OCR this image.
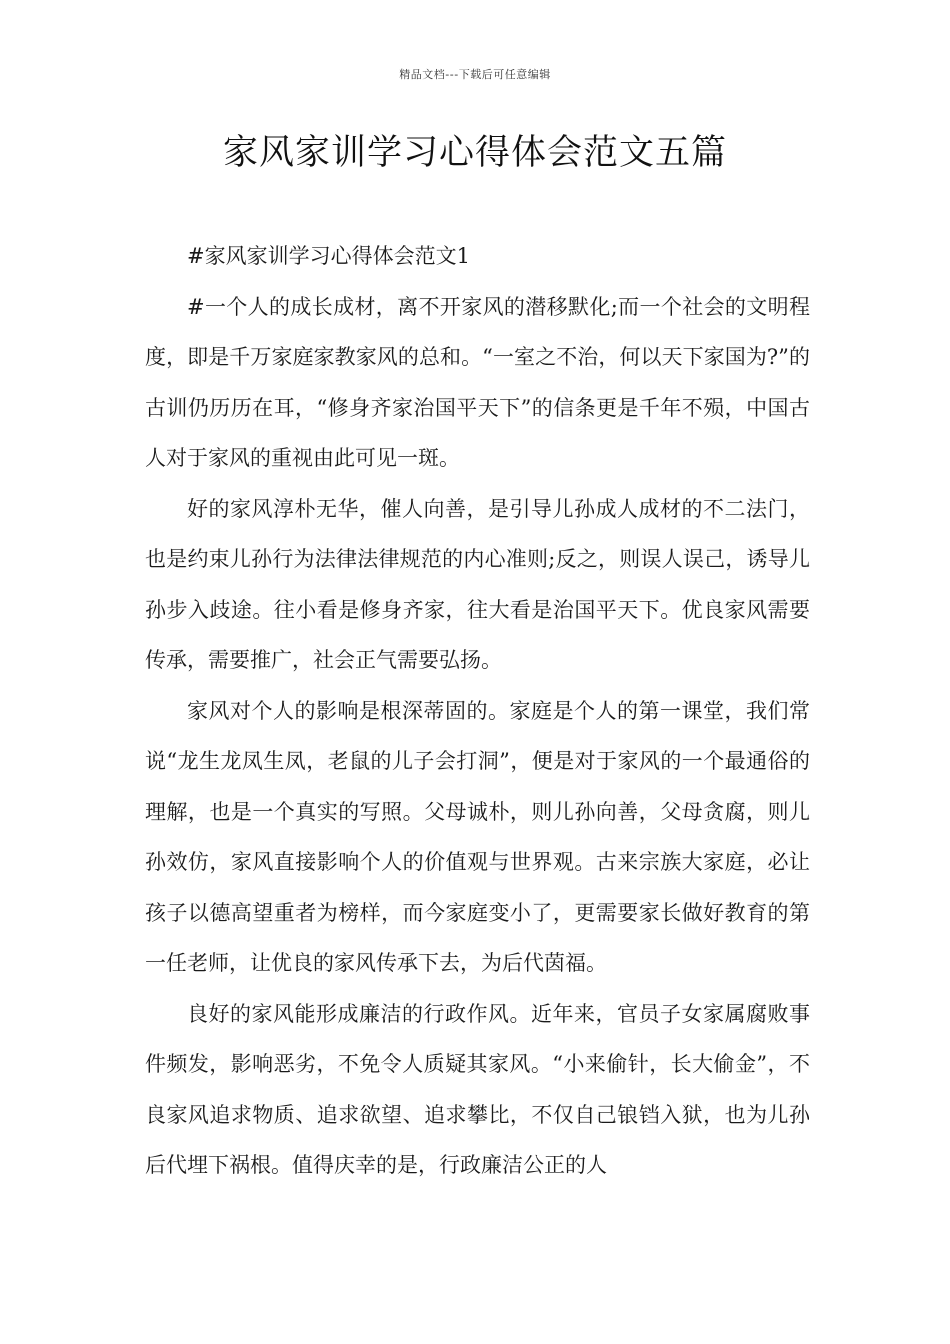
精品文档---下载后可任意编辑
家风家训学习心得体会范文五篇

#家风家训学习心得体会范文1

#一个人的成长成材，离不开家风的潜移默化;而一个社会的文明程度，即是千万家庭家教家风的总和。“一室之不治，何以天下家国为?”的古训仍历历在耳，“修身齐家治国平天下”的信条更是千年不殒，中国古人对于家风的重视由此可见一斑。

好的家风淳朴无华，催人向善，是引导儿孙成人成材的不二法门，也是约束儿孙行为法律法律规范的内心准则;反之，则误人误己，诱导儿孙步入歧途。往小看是修身齐家，往大看是治国平天下。优良家风需要传承，需要推广，社会正气需要弘扬。

家风对个人的影响是根深蒂固的。家庭是个人的第一课堂，我们常说“龙生龙凤生凤，老鼠的儿子会打洞”，便是对于家风的一个最通俗的理解，也是一个真实的写照。父母诚朴，则儿孙向善，父母贪腐，则儿孙效仿，家风直接影响个人的价值观与世界观。古来宗族大家庭，必让孩子以德高望重者为榜样，而今家庭变小了，更需要家长做好教育的第一任老师，让优良的家风传承下去，为后代茵福。

良好的家风能形成廉洁的行政作风。近年来，官员子女家属腐败事件频发，影响恶劣，不免令人质疑其家风。“小来偷针，长大偷金”，不良家风追求物质、追求欲望、追求攀比，不仅自己锒铛入狱，也为儿孙后代埋下祸根。值得庆幸的是，行政廉洁公正的人
